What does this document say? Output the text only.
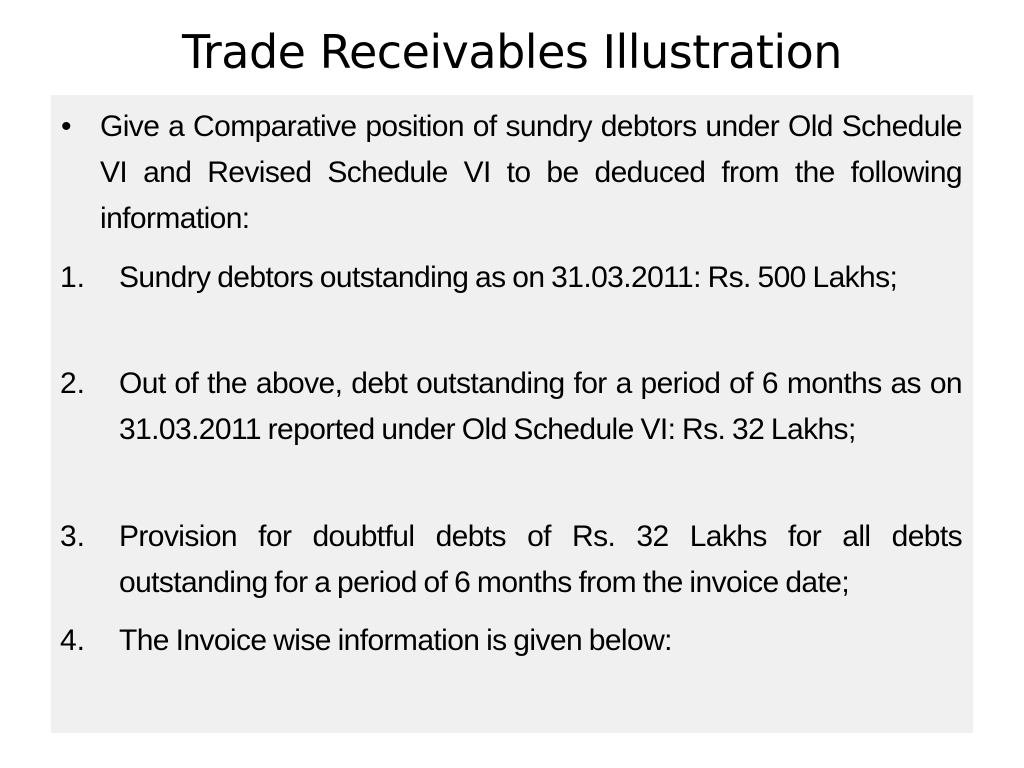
Trade Receivables Illustration
• Give a Comparative position of sundry debtors under Old Schedule VI and Revised Schedule VI to be deduced from the following information:
1.	Sundry debtors outstanding as on 31.03.2011: Rs. 500 Lakhs;
2.	Out of the above, debt outstanding for a period of 6 months as on 31.03.2011 reported under Old Schedule VI: Rs. 32 Lakhs;
3.	Provision for doubtful debts of Rs. 32 Lakhs for all debts outstanding for a period of 6 months from the invoice date;
4.	The Invoice wise information is given below:
